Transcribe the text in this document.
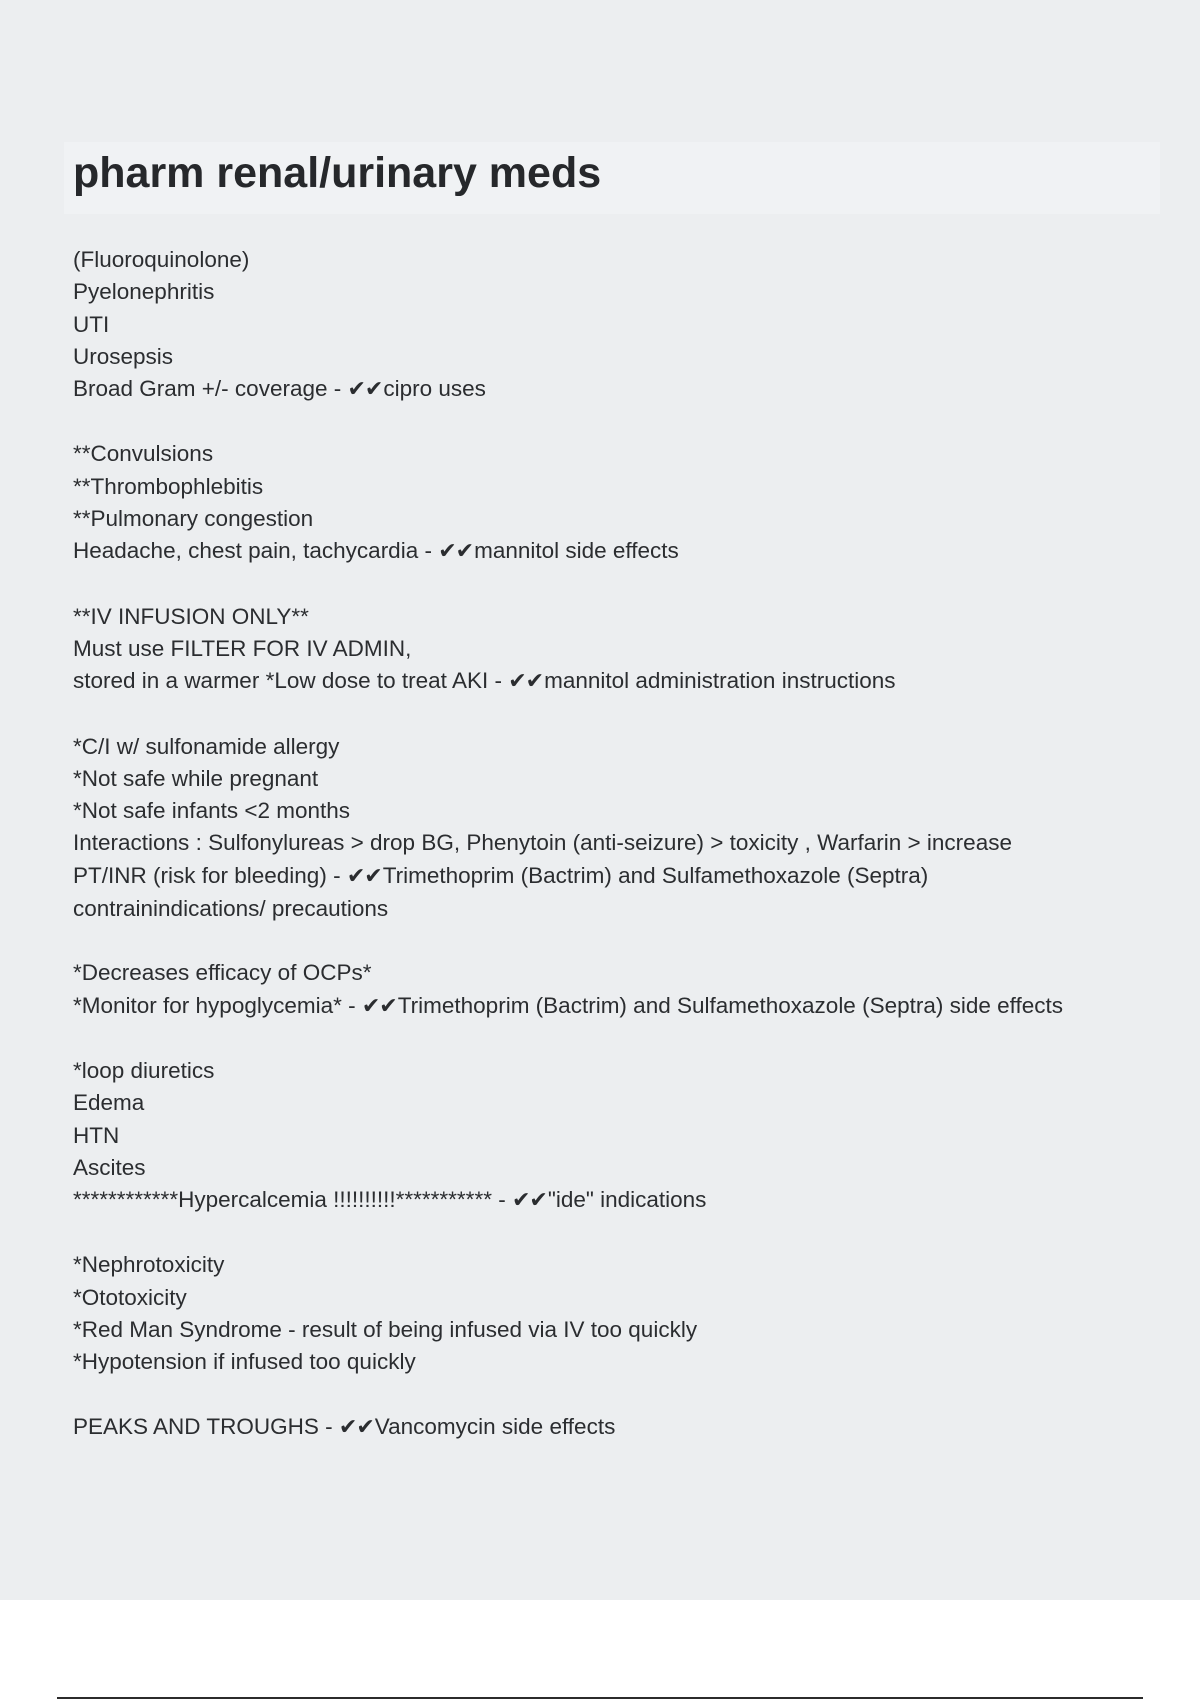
pharm renal/urinary meds
(Fluoroquinolone)
Pyelonephritis
UTI
Urosepsis
Broad Gram +/- coverage - ✔✔cipro uses
**Convulsions
**Thrombophlebitis
**Pulmonary congestion
Headache, chest pain, tachycardia - ✔✔mannitol side effects
**IV INFUSION ONLY**
Must use FILTER FOR IV ADMIN,
stored in a warmer *Low dose to treat AKI - ✔✔mannitol administration instructions
*C/I w/ sulfonamide allergy
*Not safe while pregnant
*Not safe infants <2 months
Interactions : Sulfonylureas > drop BG, Phenytoin (anti-seizure) > toxicity , Warfarin > increase
PT/INR (risk for bleeding) - ✔✔Trimethoprim (Bactrim) and Sulfamethoxazole (Septra)
contrainindications/ precautions
*Decreases efficacy of OCPs*
*Monitor for hypoglycemia* - ✔✔Trimethoprim (Bactrim) and Sulfamethoxazole (Septra) side effects
*loop diuretics
Edema
HTN
Ascites
************Hypercalcemia !!!!!!!!!!*********** - ✔✔"ide" indications
*Nephrotoxicity
*Ototoxicity
*Red Man Syndrome - result of being infused via IV too quickly
*Hypotension if infused too quickly
PEAKS AND TROUGHS - ✔✔Vancomycin side effects
